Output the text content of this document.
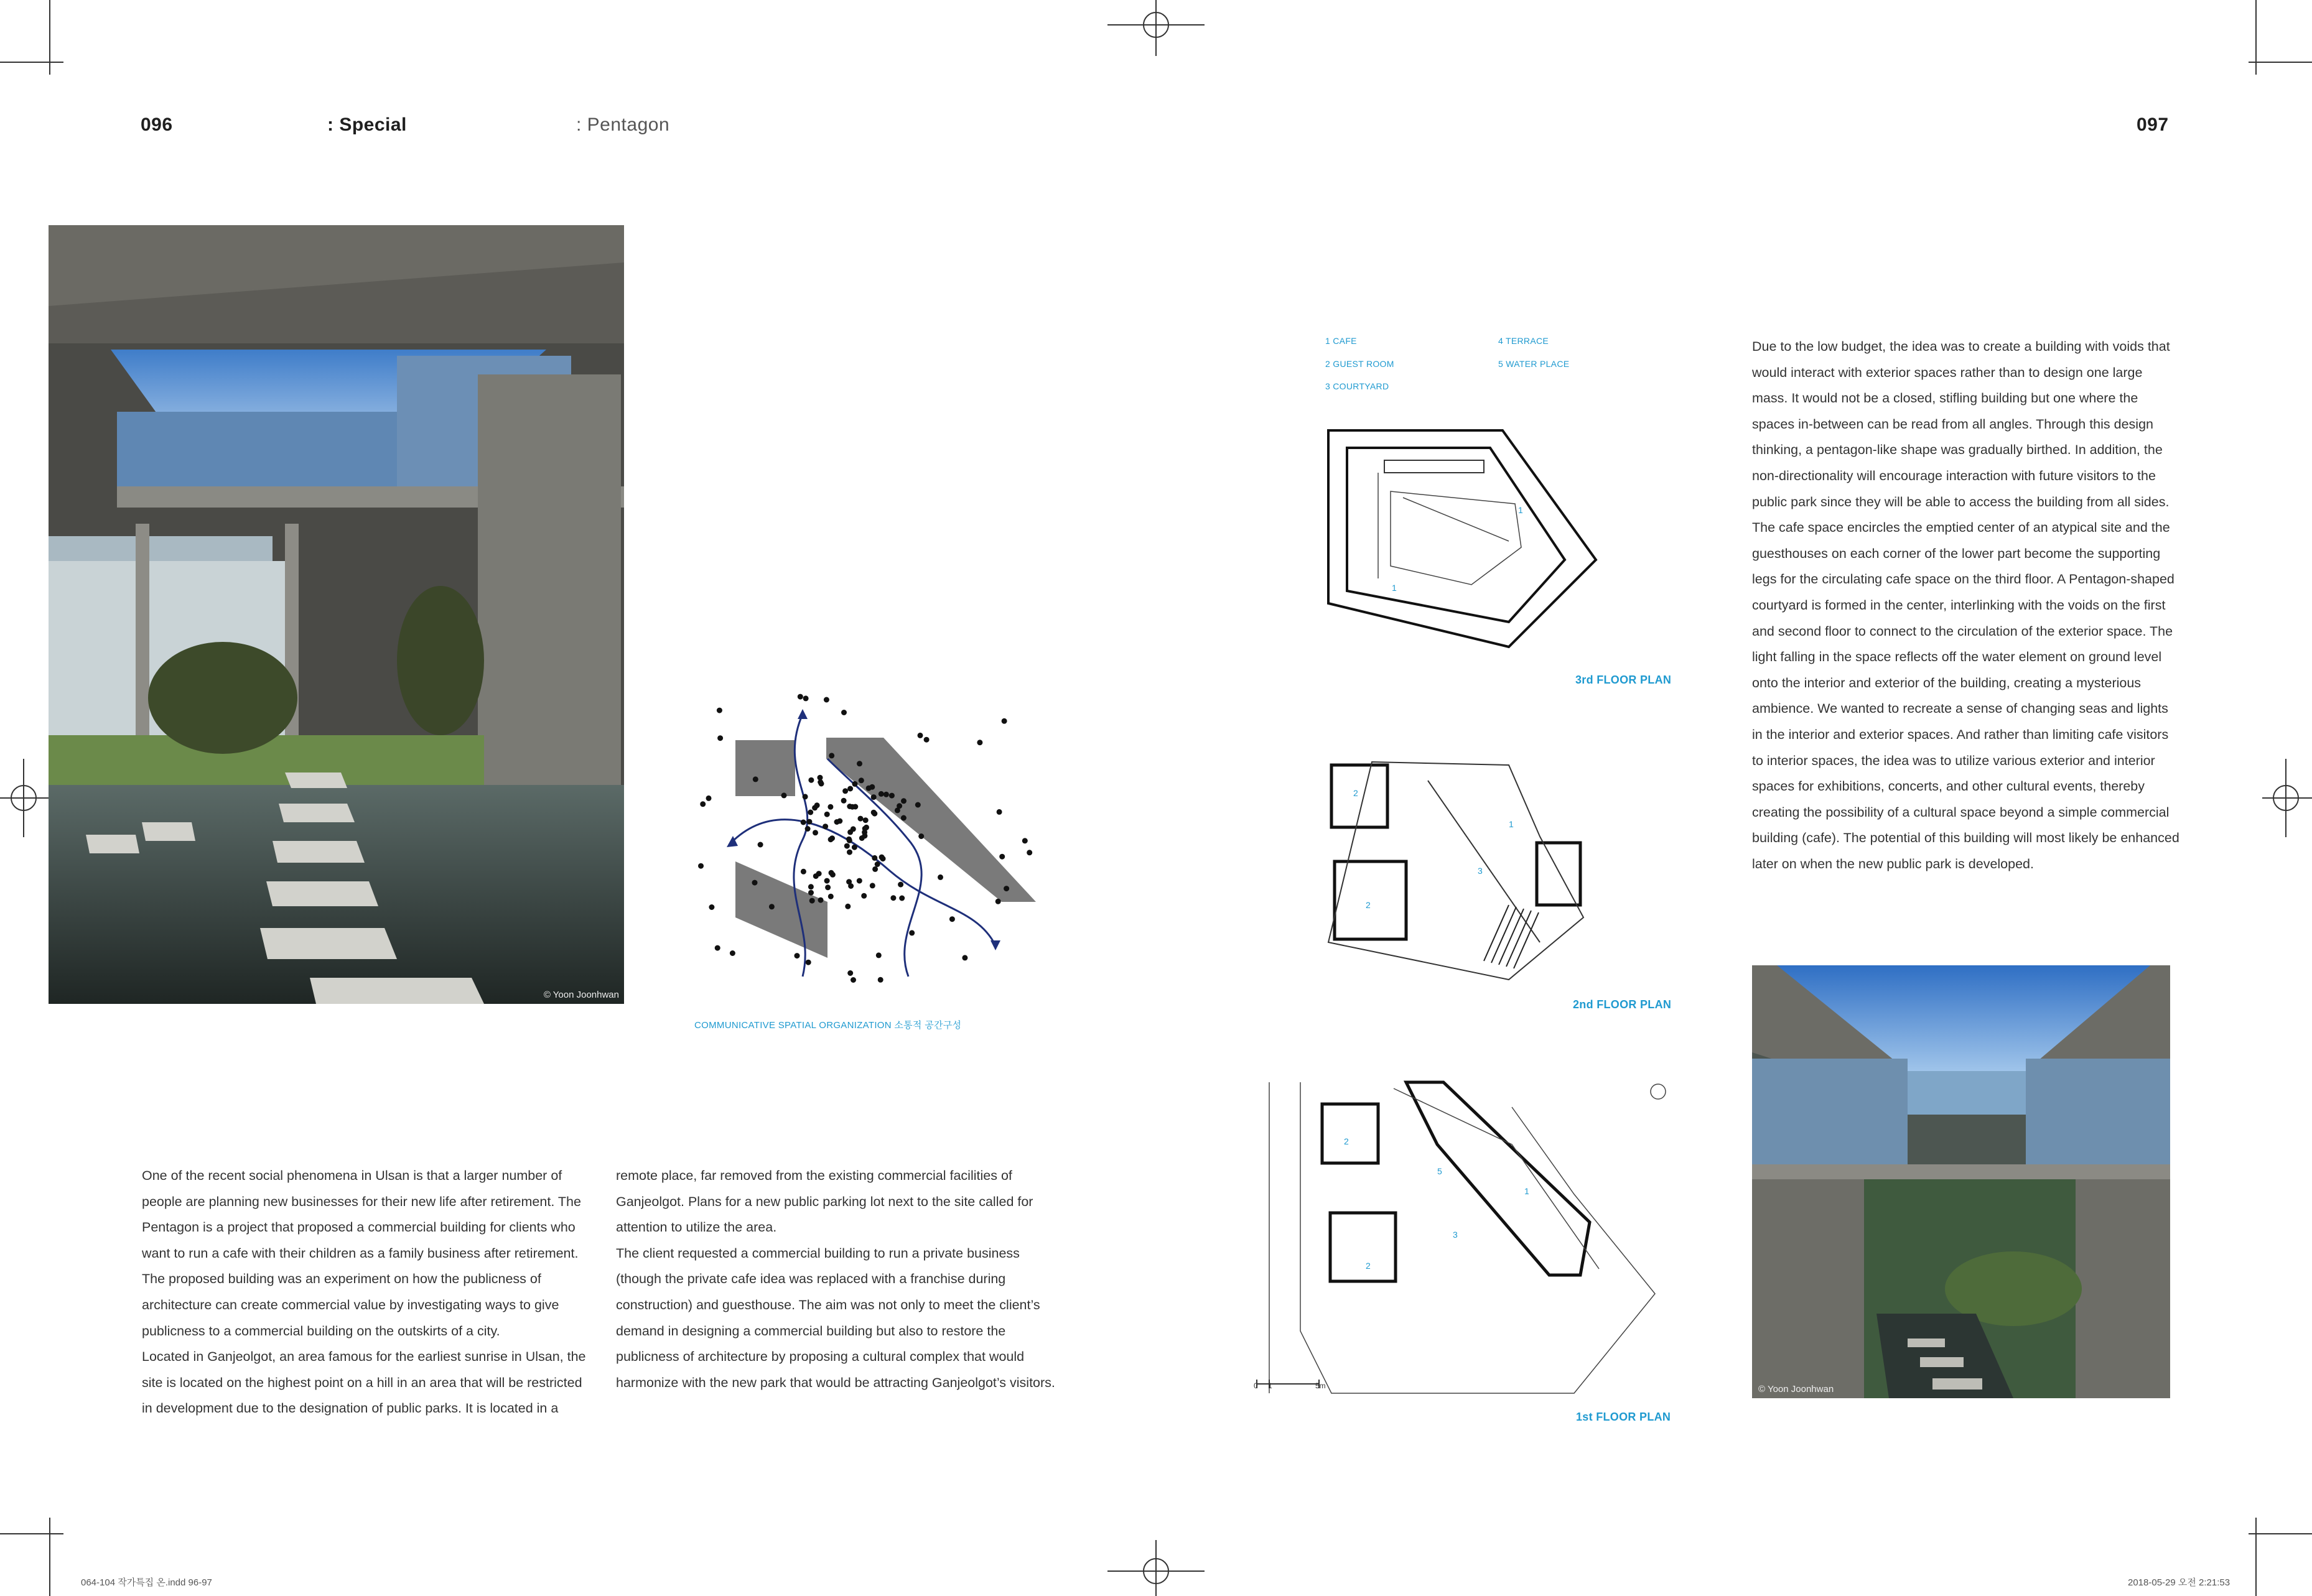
096	: Special	: Pentagon	097
© Yoon Joonhwan
COMMUNICATIVE SPATIAL ORGANIZATION 소통적 공간구성
1 CAFE
2 GUEST ROOM
3 COURTYARD
4 TERRACE
5 WATER PLACE
1
1
3rd FLOOR PLAN
2
2
1
3
2nd FLOOR PLAN
0 1	5m
2
2
1
3
5
1st FLOOR PLAN
© Yoon Joonhwan
One of the recent social phenomena in Ulsan is that a larger number of
people are planning new businesses for their new life after retirement. The
Pentagon is a project that proposed a commercial building for clients who
want to run a cafe with their children as a family business after retirement.
The proposed building was an experiment on how the publicness of
architecture can create commercial value by investigating ways to give
publicness to a commercial building on the outskirts of a city.
Located in Ganjeolgot, an area famous for the earliest sunrise in Ulsan, the
site is located on the highest point on a hill in an area that will be restricted
in development due to the designation of public parks. It is located in a
remote place, far removed from the existing commercial facilities of
Ganjeolgot. Plans for a new public parking lot next to the site called for
attention to utilize the area.
The client requested a commercial building to run a private business
(though the private cafe idea was replaced with a franchise during
construction) and guesthouse. The aim was not only to meet the client’s
demand in designing a commercial building but also to restore the
publicness of architecture by proposing a cultural complex that would
harmonize with the new park that would be attracting Ganjeolgot’s visitors.
Due to the low budget, the idea was to create a building with voids that
would interact with exterior spaces rather than to design one large
mass. It would not be a closed, stifling building but one where the
spaces in-between can be read from all angles. Through this design
thinking, a pentagon-like shape was gradually birthed. In addition, the
non-directionality will encourage interaction with future visitors to the
public park since they will be able to access the building from all sides.
The cafe space encircles the emptied center of an atypical site and the
guesthouses on each corner of the lower part become the supporting
legs for the circulating cafe space on the third floor. A Pentagon-shaped
courtyard is formed in the center, interlinking with the voids on the first
and second floor to connect to the circulation of the exterior space. The
light falling in the space reflects off the water element on ground level
onto the interior and exterior of the building, creating a mysterious
ambience. We wanted to recreate a sense of changing seas and lights
in the interior and exterior spaces. And rather than limiting cafe visitors
to interior spaces, the idea was to utilize various exterior and interior
spaces for exhibitions, concerts, and other cultural events, thereby
creating the possibility of a cultural space beyond a simple commercial
building (cafe). The potential of this building will most likely be enhanced
later on when the new public park is developed.
064-104 작가특집 온.indd 96-97	2018-05-29 오전 2:21:53
